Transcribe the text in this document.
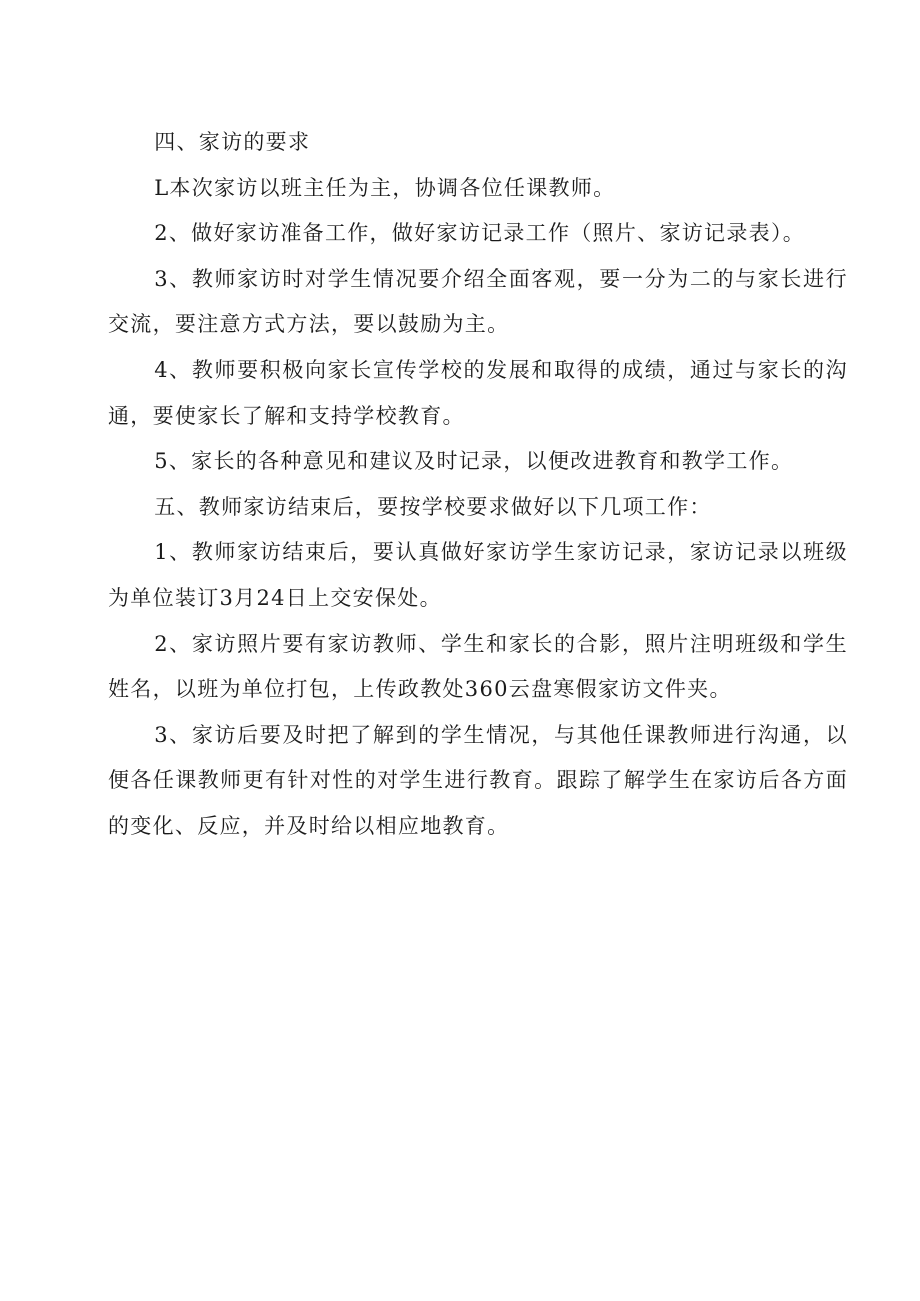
四、家访的要求

L本次家访以班主任为主，协调各位任课教师。

2、做好家访准备工作，做好家访记录工作（照片、家访记录表）。

3、教师家访时对学生情况要介绍全面客观，要一分为二的与家长进行交流，要注意方式方法，要以鼓励为主。

4、教师要积极向家长宣传学校的发展和取得的成绩，通过与家长的沟通，要使家长了解和支持学校教育。

5、家长的各种意见和建议及时记录，以便改进教育和教学工作。

五、教师家访结束后，要按学校要求做好以下几项工作：

1、教师家访结束后，要认真做好家访学生家访记录，家访记录以班级为单位装订3月24日上交安保处。

2、家访照片要有家访教师、学生和家长的合影，照片注明班级和学生姓名，以班为单位打包，上传政教处360云盘寒假家访文件夹。

3、家访后要及时把了解到的学生情况，与其他任课教师进行沟通，以便各任课教师更有针对性的对学生进行教育。跟踪了解学生在家访后各方面的变化、反应，并及时给以相应地教育。
